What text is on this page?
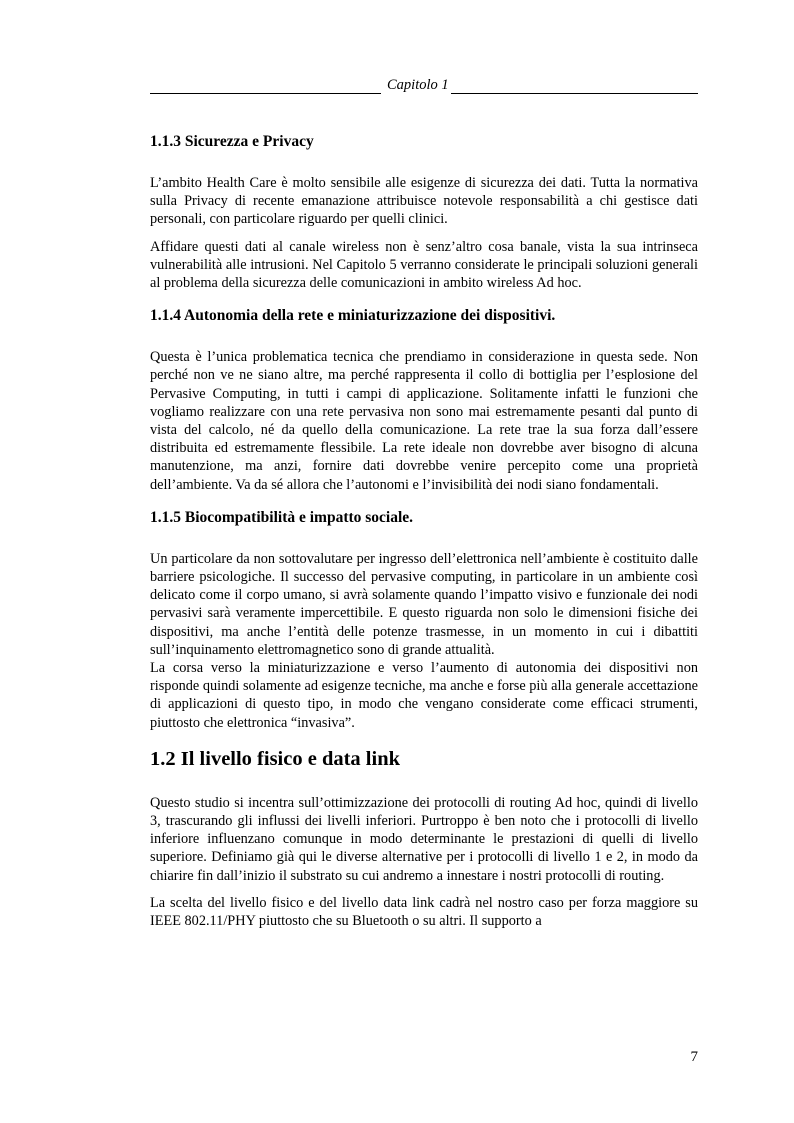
Capitolo 1
1.1.3 Sicurezza e Privacy

L’ambito Health Care è molto sensibile alle esigenze di sicurezza dei dati. Tutta la normativa sulla Privacy di recente emanazione attribuisce notevole responsabilità a chi gestisce dati personali, con particolare riguardo per quelli clinici.

Affidare questi dati al canale wireless non è senz’altro cosa banale, vista la sua intrinseca vulnerabilità alle intrusioni. Nel Capitolo 5 verranno considerate le principali soluzioni generali al problema della sicurezza delle comunicazioni in ambito wireless Ad hoc.

1.1.4 Autonomia della rete e miniaturizzazione dei dispositivi.

Questa è l’unica problematica tecnica che prendiamo in considerazione in questa sede. Non perché non ve ne siano altre, ma perché rappresenta il collo di bottiglia per l’esplosione del Pervasive Computing, in tutti i campi di applicazione. Solitamente infatti le funzioni che vogliamo realizzare con una rete pervasiva non sono mai estremamente pesanti dal punto di vista del calcolo, né da quello della comunicazione. La rete trae la sua forza dall’essere distribuita ed estremamente flessibile. La rete ideale non dovrebbe aver bisogno di alcuna manutenzione, ma anzi, fornire dati dovrebbe venire percepito come una proprietà dell’ambiente. Va da sé allora che l’autonomi e l’invisibilità dei nodi siano fondamentali.

1.1.5 Biocompatibilità e impatto sociale.

Un particolare da non sottovalutare per ingresso dell’elettronica nell’ambiente è costituito dalle barriere psicologiche. Il successo del pervasive computing, in particolare in un ambiente così delicato come il corpo umano, si avrà solamente quando l’impatto visivo e funzionale dei nodi pervasivi sarà veramente impercettibile. E questo riguarda non solo le dimensioni fisiche dei dispositivi, ma anche l’entità delle potenze trasmesse, in un momento in cui i dibattiti sull’inquinamento elettromagnetico sono di grande attualità.

La corsa verso la miniaturizzazione e verso l’aumento di autonomia dei dispositivi non risponde quindi solamente ad esigenze tecniche, ma anche e forse più alla generale accettazione di applicazioni di questo tipo, in modo che vengano considerate come efficaci strumenti, piuttosto che elettronica “invasiva”.

1.2 Il livello fisico e data link

Questo studio si incentra sull’ottimizzazione dei protocolli di routing Ad hoc, quindi di livello 3, trascurando gli influssi dei livelli inferiori. Purtroppo è ben noto che i protocolli di livello inferiore influenzano comunque in modo determinante le prestazioni di quelli di livello superiore. Definiamo già qui le diverse alternative per i protocolli di livello 1 e 2, in modo da chiarire fin dall’inizio il substrato su cui andremo a innestare i nostri protocolli di routing.

La scelta del livello fisico e del livello data link cadrà nel nostro caso per forza maggiore su IEEE 802.11/PHY piuttosto che su Bluetooth o su altri. Il supporto a

7
